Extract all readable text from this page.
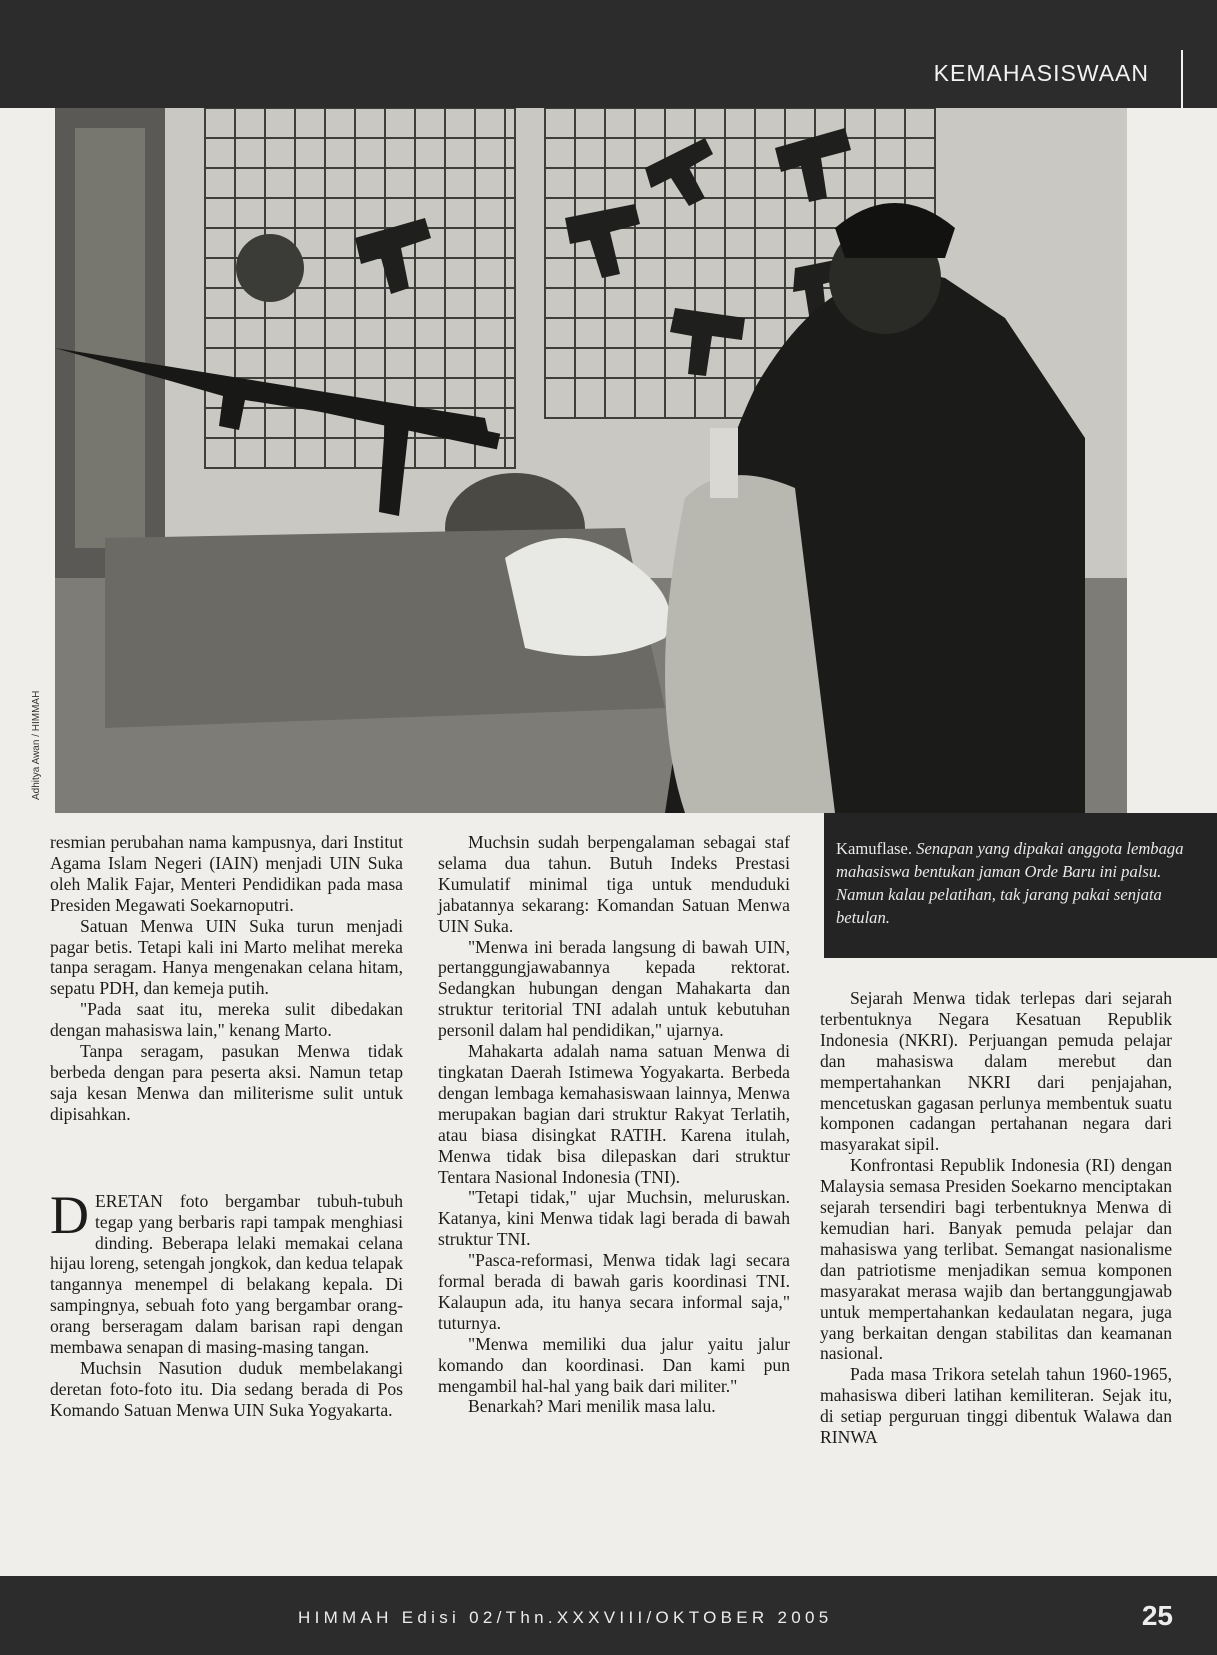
KEMAHASISWAAN
Adhitya Awan / HIMMAH
Kamuflase. Senapan yang dipakai anggota lembaga mahasiswa bentukan jaman Orde Baru ini palsu. Namun kalau pelatihan, tak jarang pakai senjata betulan.

resmian perubahan nama kampusnya, dari Institut Agama Islam Negeri (IAIN) menjadi UIN Suka oleh Malik Fajar, Menteri Pendidikan pada masa Presiden Megawati Soekarnoputri.

Satuan Menwa UIN Suka turun menjadi pagar betis. Tetapi kali ini Marto melihat mereka tanpa seragam. Hanya mengenakan celana hitam, sepatu PDH, dan kemeja putih.

"Pada saat itu, mereka sulit dibedakan dengan mahasiswa lain," kenang Marto.

Tanpa seragam, pasukan Menwa tidak berbeda dengan para peserta aksi. Namun tetap saja kesan Menwa dan militerisme sulit untuk dipisahkan.

DERETAN foto bergambar tubuh-tubuh tegap yang berbaris rapi tampak menghiasi dinding. Beberapa lelaki memakai celana hijau loreng, setengah jongkok, dan kedua telapak tangannya menempel di belakang kepala. Di sampingnya, sebuah foto yang bergambar orang-orang berseragam dalam barisan rapi dengan membawa senapan di masing-masing tangan.

Muchsin Nasution duduk membelakangi deretan foto-foto itu. Dia sedang berada di Pos Komando Satuan Menwa UIN Suka Yogyakarta.

Muchsin sudah berpengalaman sebagai staf selama dua tahun. Butuh Indeks Prestasi Kumulatif minimal tiga untuk menduduki jabatannya sekarang: Komandan Satuan Menwa UIN Suka.

"Menwa ini berada langsung di bawah UIN, pertanggungjawabannya kepada rektorat. Sedangkan hubungan dengan Mahakarta dan struktur teritorial TNI adalah untuk kebutuhan personil dalam hal pendidikan," ujarnya.

Mahakarta adalah nama satuan Menwa di tingkatan Daerah Istimewa Yogyakarta. Berbeda dengan lembaga kemahasiswaan lainnya, Menwa merupakan bagian dari struktur Rakyat Terlatih, atau biasa disingkat RATIH. Karena itulah, Menwa tidak bisa dilepaskan dari struktur Tentara Nasional Indonesia (TNI).

"Tetapi tidak," ujar Muchsin, meluruskan. Katanya, kini Menwa tidak lagi berada di bawah struktur TNI.

"Pasca-reformasi, Menwa tidak lagi secara formal berada di bawah garis koordinasi TNI. Kalaupun ada, itu hanya secara informal saja," tuturnya.

"Menwa memiliki dua jalur yaitu jalur komando dan koordinasi. Dan kami pun mengambil hal-hal yang baik dari militer."

Benarkah? Mari menilik masa lalu.

Sejarah Menwa tidak terlepas dari sejarah terbentuknya Negara Kesatuan Republik Indonesia (NKRI). Perjuangan pemuda pelajar dan mahasiswa dalam merebut dan mempertahankan NKRI dari penjajahan, mencetuskan gagasan perlunya membentuk suatu komponen cadangan pertahanan negara dari masyarakat sipil.

Konfrontasi Republik Indonesia (RI) dengan Malaysia semasa Presiden Soekarno menciptakan sejarah tersendiri bagi terbentuknya Menwa di kemudian hari. Banyak pemuda pelajar dan mahasiswa yang terlibat. Semangat nasionalisme dan patriotisme menjadikan semua komponen masyarakat merasa wajib dan bertanggungjawab untuk mempertahankan kedaulatan negara, juga yang berkaitan dengan stabilitas dan keamanan nasional.

Pada masa Trikora setelah tahun 1960-1965, mahasiswa diberi latihan kemiliteran. Sejak itu, di setiap perguruan tinggi dibentuk Walawa dan RINWA

HIMMAH Edisi 02/Thn.XXXVIII/OKTOBER 2005	25
